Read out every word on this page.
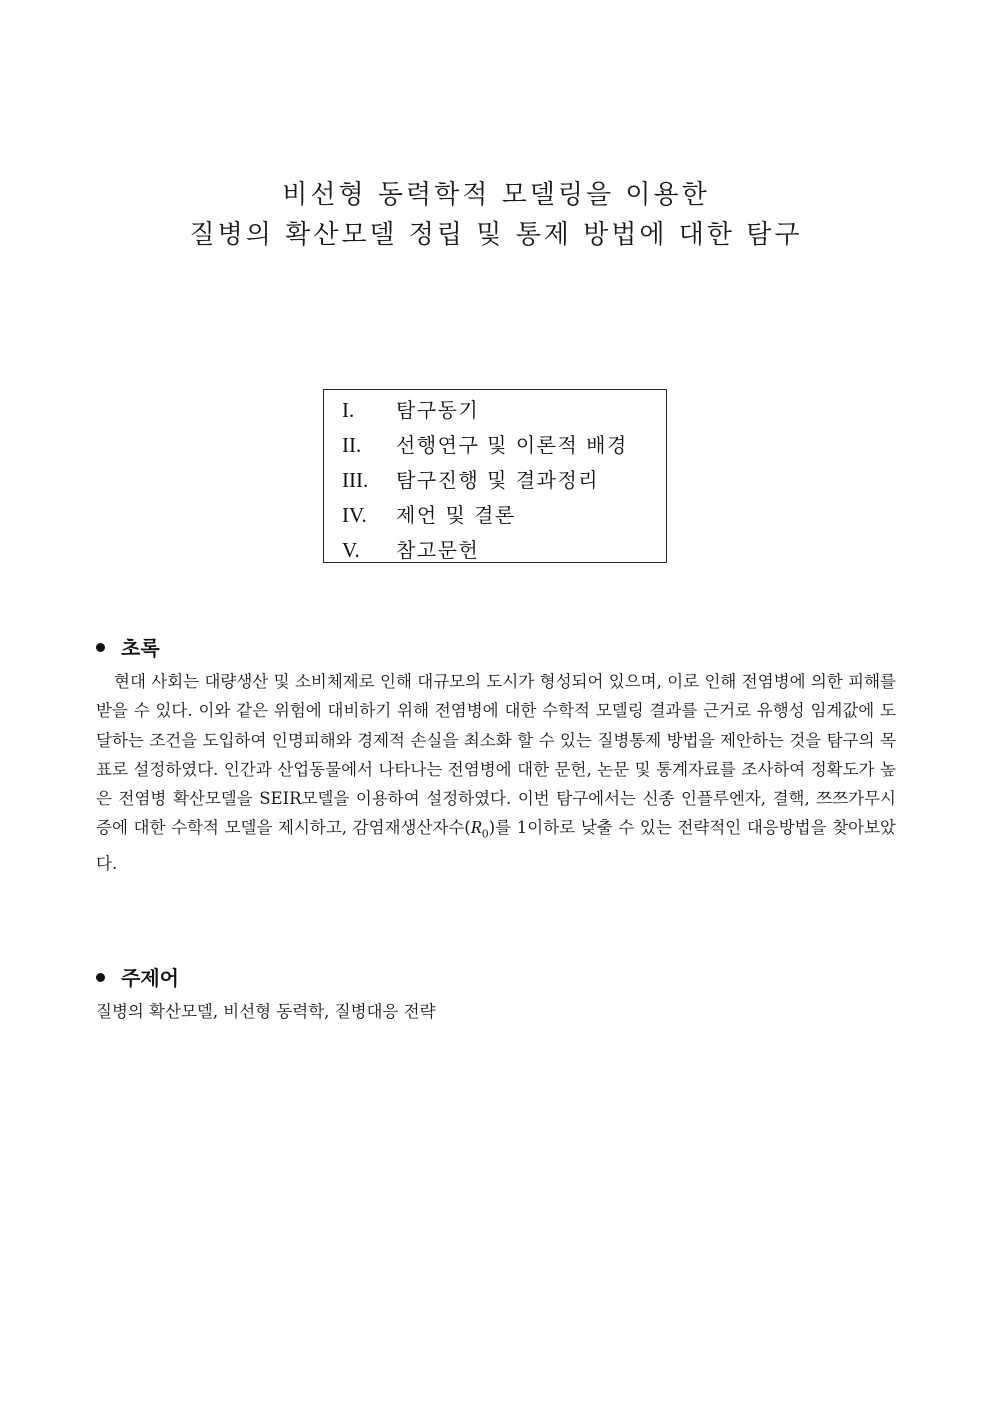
비선형 동력학적 모델링을 이용한
질병의 확산모델 정립 및 통제 방법에 대한 탐구
I. 탐구동기
II. 선행연구 및 이론적 배경
III. 탐구진행 및 결과정리
IV. 제언 및 결론
V. 참고문헌
초록
현대 사회는 대량생산 및 소비체제로 인해 대규모의 도시가 형성되어 있으며, 이로 인해 전염병에 의한 피해를 받을 수 있다. 이와 같은 위험에 대비하기 위해 전염병에 대한 수학적 모델링 결과를 근거로 유행성 임계값에 도달하는 조건을 도입하여 인명피해와 경제적 손실을 최소화 할 수 있는 질병통제 방법을 제안하는 것을 탐구의 목표로 설정하였다. 인간과 산업동물에서 나타나는 전염병에 대한 문헌, 논문 및 통계자료를 조사하여 정확도가 높은 전염병 확산모델을 SEIR모델을 이용하여 설정하였다. 이번 탐구에서는 신종 인플루엔자, 결핵, 쯔쯔가무시증에 대한 수학적 모델을 제시하고, 감염재생산자수$(R_0)$를 1이하로 낮출 수 있는 전략적인 대응방법을 찾아보았다.
주제어
질병의 확산모델, 비선형 동력학, 질병대응 전략
